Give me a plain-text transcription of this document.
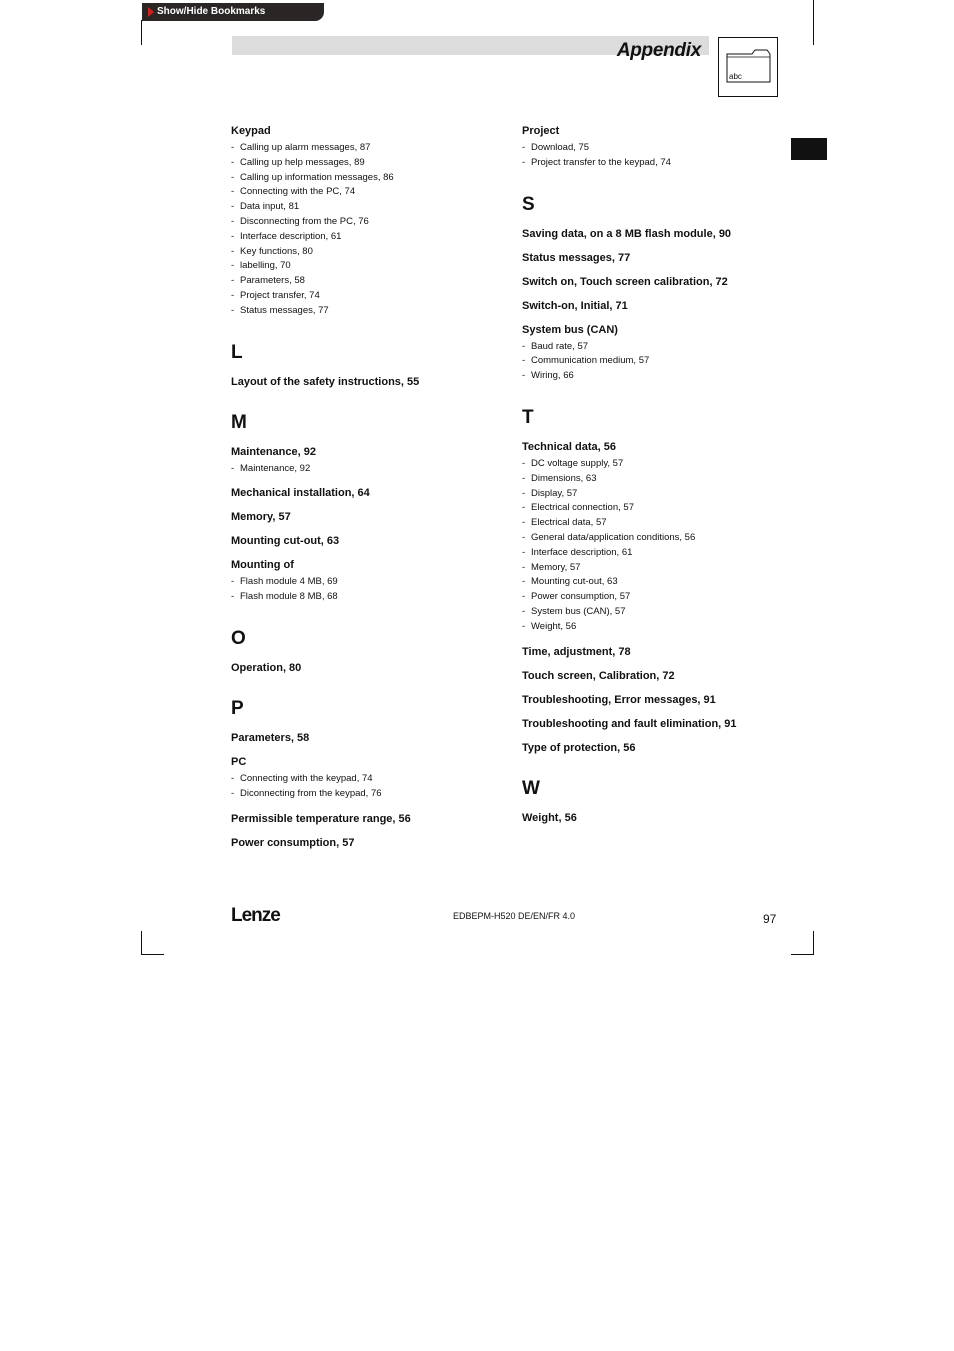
Show/Hide Bookmarks
Appendix
abc
Keypad
- Calling up alarm messages, 87
- Calling up help messages, 89
- Calling up information messages, 86
- Connecting with the PC, 74
- Data input, 81
- Disconnecting from the PC, 76
- Interface description, 61
- Key functions, 80
- labelling, 70
- Parameters, 58
- Project transfer, 74
- Status messages, 77
L
Layout of the safety instructions, 55
M
Maintenance, 92
- Maintenance, 92
Mechanical installation, 64
Memory, 57
Mounting cut-out, 63
Mounting of
- Flash module 4 MB, 69
- Flash module 8 MB, 68
O
Operation, 80
P
Parameters, 58
PC
- Connecting with the keypad, 74
- Diconnecting from the keypad, 76
Permissible temperature range, 56
Power consumption, 57
Project
- Download, 75
- Project transfer to the keypad, 74
S
Saving data, on a 8 MB flash module, 90
Status messages, 77
Switch on, Touch screen calibration, 72
Switch-on, Initial, 71
System bus (CAN)
- Baud rate, 57
- Communication medium, 57
- Wiring, 66
T
Technical data, 56
- DC voltage supply, 57
- Dimensions, 63
- Display, 57
- Electrical connection, 57
- Electrical data, 57
- General data/application conditions, 56
- Interface description, 61
- Memory, 57
- Mounting cut-out, 63
- Power consumption, 57
- System bus (CAN), 57
- Weight, 56
Time, adjustment, 78
Touch screen, Calibration, 72
Troubleshooting, Error messages, 91
Troubleshooting and fault elimination, 91
Type of protection, 56
W
Weight, 56
Lenze	EDBEPM-H520 DE/EN/FR 4.0	97
